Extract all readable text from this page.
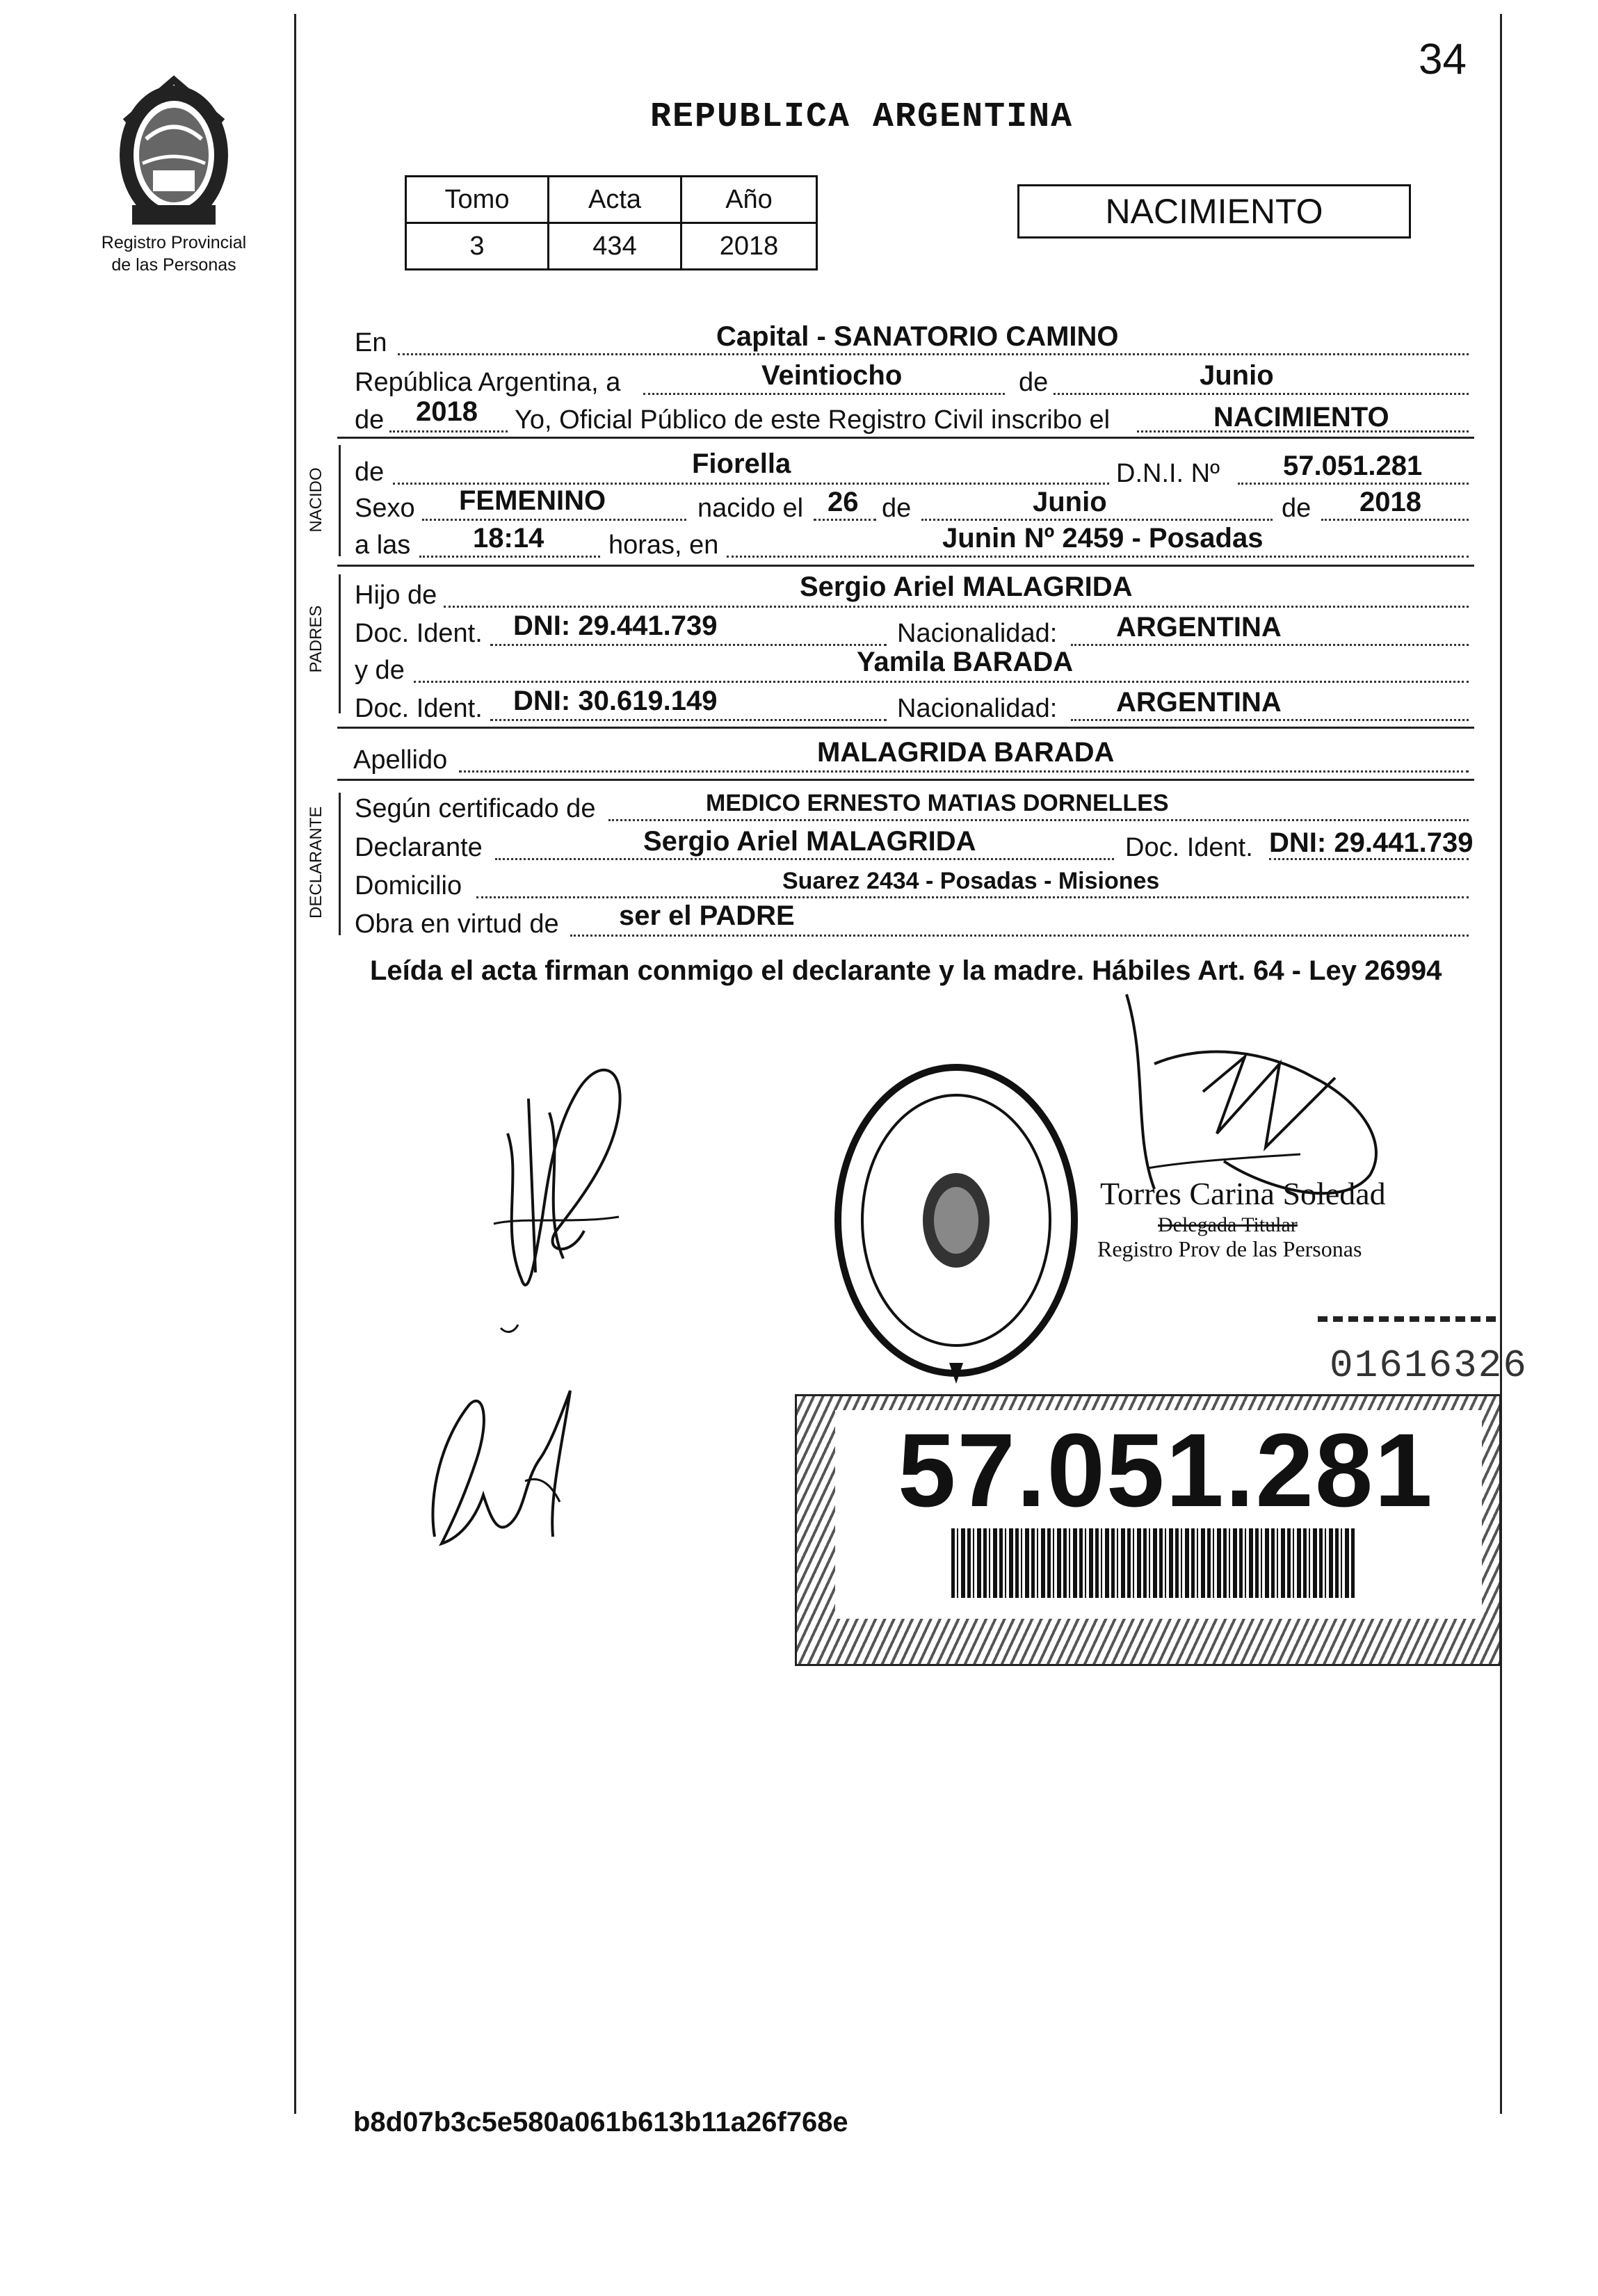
34
Registro Provincial
de las Personas
REPUBLICA ARGENTINA
Tomo	Acta	Año
3	434	2018
NACIMIENTO
En	Capital - SANATORIO CAMINO
República Argentina, a	Veintiocho	de	Junio
de 2018 Yo, Oficial Público de este Registro Civil inscribo el	NACIMIENTO
NACIDO de	Fiorella	D.N.I. Nº 57.051.281
Sexo FEMENINO	nacido el 26 de	Junio	de 2018
a las 18:14 horas, en	Junin Nº 2459 - Posadas
PADRES
Hijo de	Sergio Ariel MALAGRIDA
Doc. Ident. DNI: 29.441.739	Nacionalidad: ARGENTINA
y de	Yamila BARADA
Doc. Ident. DNI: 30.619.149	Nacionalidad: ARGENTINA
Apellido	MALAGRIDA BARADA
DECLARANTE Según certificado de	MEDICO ERNESTO MATIAS DORNELLES
Declarante	Sergio Ariel MALAGRIDA	Doc. Ident. DNI: 29.441.739
Domicilio	Suarez 2434 - Posadas - Misiones
Obra en virtud de ser el PADRE
Leída el acta firman conmigo el declarante y la madre. Hábiles Art. 64 - Ley 26994
Torres Carina Soledad
Delegada Titular
Registro Prov de las Personas
01616326
57.051.281
b8d07b3c5e580a061b613b11a26f768e
